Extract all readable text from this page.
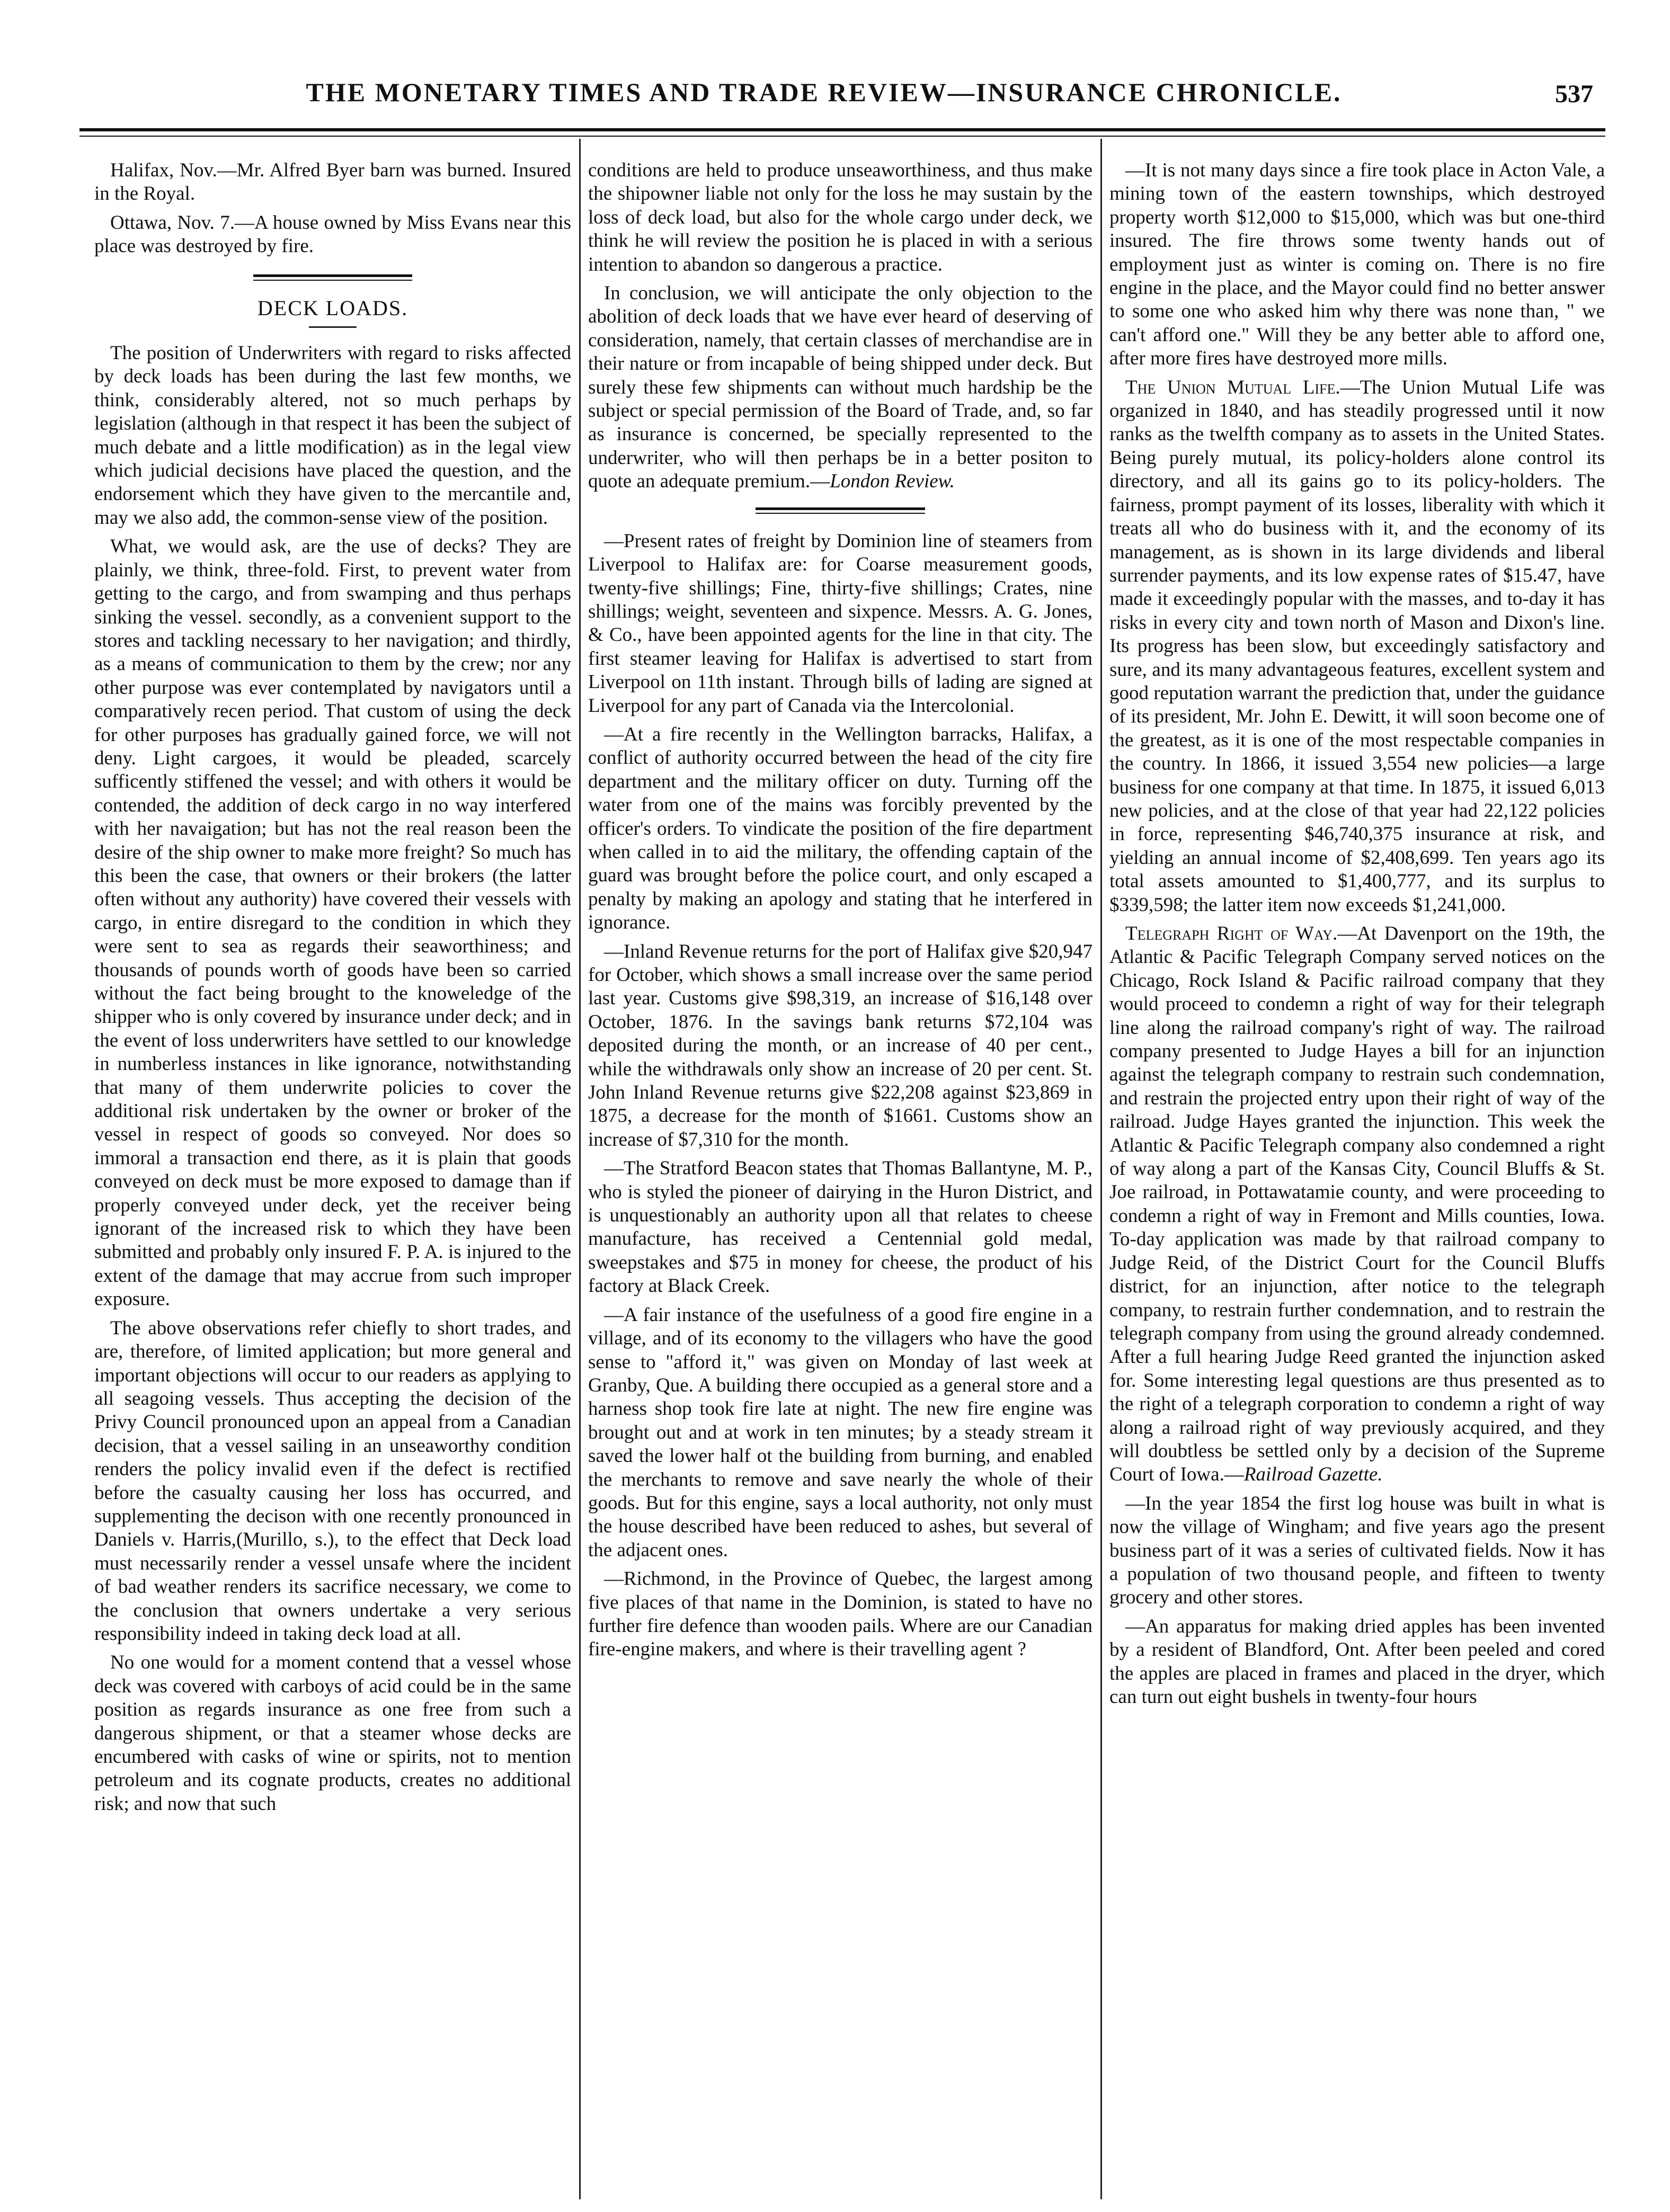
THE MONETARY TIMES AND TRADE REVIEW—INSURANCE CHRONICLE.	537

Halifax, Nov.—Mr. Alfred Byer barn was burned. Insured in the Royal.

Ottawa, Nov. 7.—A house owned by Miss Evans near this place was destroyed by fire.

DECK LOADS.

The position of Underwriters with regard to risks affected by deck loads has been during the last few months, we think, considerably altered, not so much perhaps by legislation (although in that respect it has been the subject of much debate and a little modification) as in the legal view which judicial decisions have placed the question, and the endorsement which they have given to the mercantile and, may we also add, the common-sense view of the position.

What, we would ask, are the use of decks? They are plainly, we think, three-fold. First, to prevent water from getting to the cargo, and from swamping and thus perhaps sinking the vessel. secondly, as a convenient support to the stores and tackling necessary to her navigation; and thirdly, as a means of communication to them by the crew; nor any other purpose was ever contemplated by navigators until a comparatively recen period. That custom of using the deck for other purposes has gradually gained force, we will not deny. Light cargoes, it would be pleaded, scarcely sufficently stiffened the vessel; and with others it would be contended, the addition of deck cargo in no way interfered with her navaigation; but has not the real reason been the desire of the ship owner to make more freight? So much has this been the case, that owners or their brokers (the latter often without any authority) have covered their vessels with cargo, in entire disregard to the condition in which they were sent to sea as regards their seaworthiness; and thousands of pounds worth of goods have been so carried without the fact being brought to the knoweledge of the shipper who is only covered by insurance under deck; and in the event of loss underwriters have settled to our knowledge in numberless instances in like ignorance, notwithstanding that many of them underwrite policies to cover the additional risk undertaken by the owner or broker of the vessel in respect of goods so conveyed. Nor does so immoral a transaction end there, as it is plain that goods conveyed on deck must be more exposed to damage than if properly conveyed under deck, yet the receiver being ignorant of the increased risk to which they have been submitted and probably only insured F. P. A. is injured to the extent of the damage that may accrue from such improper exposure.

The above observations refer chiefly to short trades, and are, therefore, of limited application; but more general and important objections will occur to our readers as applying to all seagoing vessels. Thus accepting the decision of the Privy Council pronounced upon an appeal from a Canadian decision, that a vessel sailing in an unseaworthy condition renders the policy invalid even if the defect is rectified before the casualty causing her loss has occurred, and supplementing the decison with one recently pronounced in Daniels v. Harris,(Murillo, s.), to the effect that Deck load must necessarily render a vessel unsafe where the incident of bad weather renders its sacrifice necessary, we come to the conclusion that owners undertake a very serious responsibility indeed in taking deck load at all.

No one would for a moment contend that a vessel whose deck was covered with carboys of acid could be in the same position as regards insurance as one free from such a dangerous shipment, or that a steamer whose decks are encumbered with casks of wine or spirits, not to mention petroleum and its cognate products, creates no additional risk; and now that such

conditions are held to produce unseaworthiness, and thus make the shipowner liable not only for the loss he may sustain by the loss of deck load, but also for the whole cargo under deck, we think he will review the position he is placed in with a serious intention to abandon so dangerous a practice.

In conclusion, we will anticipate the only objection to the abolition of deck loads that we have ever heard of deserving of consideration, namely, that certain classes of merchandise are in their nature or from incapable of being shipped under deck. But surely these few shipments can without much hardship be the subject or special permission of the Board of Trade, and, so far as insurance is concerned, be specially represented to the underwriter, who will then perhaps be in a better positon to quote an adequate premium.—London Review.

—Present rates of freight by Dominion line of steamers from Liverpool to Halifax are: for Coarse measurement goods, twenty-five shillings; Fine, thirty-five shillings; Crates, nine shillings; weight, seventeen and sixpence. Messrs. A. G. Jones, & Co., have been appointed agents for the line in that city. The first steamer leaving for Halifax is advertised to start from Liverpool on 11th instant. Through bills of lading are signed at Liverpool for any part of Canada via the Intercolonial.

—At a fire recently in the Wellington barracks, Halifax, a conflict of authority occurred between the head of the city fire department and the military officer on duty. Turning off the water from one of the mains was forcibly prevented by the officer's orders. To vindicate the position of the fire department when called in to aid the military, the offending captain of the guard was brought before the police court, and only escaped a penalty by making an apology and stating that he interfered in ignorance.

—Inland Revenue returns for the port of Halifax give $20,947 for October, which shows a small increase over the same period last year. Customs give $98,319, an increase of $16,148 over October, 1876. In the savings bank returns $72,104 was deposited during the month, or an increase of 40 per cent., while the withdrawals only show an increase of 20 per cent. St. John Inland Revenue returns give $22,208 against $23,869 in 1875, a decrease for the month of $1661. Customs show an increase of $7,310 for the month.

—The Stratford Beacon states that Thomas Ballantyne, M. P., who is styled the pioneer of dairying in the Huron District, and is unquestionably an authority upon all that relates to cheese manufacture, has received a Centennial gold medal, sweepstakes and $75 in money for cheese, the product of his factory at Black Creek.

—A fair instance of the usefulness of a good fire engine in a village, and of its economy to the villagers who have the good sense to "afford it," was given on Monday of last week at Granby, Que. A building there occupied as a general store and a harness shop took fire late at night. The new fire engine was brought out and at work in ten minutes; by a steady stream it saved the lower half ot the building from burning, and enabled the merchants to remove and save nearly the whole of their goods. But for this engine, says a local authority, not only must the house described have been reduced to ashes, but several of the adjacent ones.

—Richmond, in the Province of Quebec, the largest among five places of that name in the Dominion, is stated to have no further fire defence than wooden pails. Where are our Canadian fire-engine makers, and where is their travelling agent ?

—It is not many days since a fire took place in Acton Vale, a mining town of the eastern townships, which destroyed property worth $12,000 to $15,000, which was but one-third insured. The fire throws some twenty hands out of employment just as winter is coming on. There is no fire engine in the place, and the Mayor could find no better answer to some one who asked him why there was none than, " we can't afford one." Will they be any better able to afford one, after more fires have destroyed more mills.

The Union Mutual Life.—The Union Mutual Life was organized in 1840, and has steadily progressed until it now ranks as the twelfth company as to assets in the United States. Being purely mutual, its policy-holders alone control its directory, and all its gains go to its policy-holders. The fairness, prompt payment of its losses, liberality with which it treats all who do business with it, and the economy of its management, as is shown in its large dividends and liberal surrender payments, and its low expense rates of $15.47, have made it exceedingly popular with the masses, and to-day it has risks in every city and town north of Mason and Dixon's line. Its progress has been slow, but exceedingly satisfactory and sure, and its many advantageous features, excellent system and good reputation warrant the prediction that, under the guidance of its president, Mr. John E. Dewitt, it will soon become one of the greatest, as it is one of the most respectable companies in the country. In 1866, it issued 3,554 new policies—a large business for one company at that time. In 1875, it issued 6,013 new policies, and at the close of that year had 22,122 policies in force, representing $46,740,375 insurance at risk, and yielding an annual income of $2,408,699. Ten years ago its total assets amounted to $1,400,777, and its surplus to $339,598; the latter item now exceeds $1,241,000.

Telegraph Right of Way.—At Davenport on the 19th, the Atlantic & Pacific Telegraph Company served notices on the Chicago, Rock Island & Pacific railroad company that they would proceed to condemn a right of way for their telegraph line along the railroad company's right of way. The railroad company presented to Judge Hayes a bill for an injunction against the telegraph company to restrain such condemnation, and restrain the projected entry upon their right of way of the railroad. Judge Hayes granted the injunction. This week the Atlantic & Pacific Telegraph company also condemned a right of way along a part of the Kansas City, Council Bluffs & St. Joe railroad, in Pottawatamie county, and were proceeding to condemn a right of way in Fremont and Mills counties, Iowa. To-day application was made by that railroad company to Judge Reid, of the District Court for the Council Bluffs district, for an injunction, after notice to the telegraph company, to restrain further condemnation, and to restrain the telegraph company from using the ground already condemned. After a full hearing Judge Reed granted the injunction asked for. Some interesting legal questions are thus presented as to the right of a telegraph corporation to condemn a right of way along a railroad right of way previously acquired, and they will doubtless be settled only by a decision of the Supreme Court of Iowa.—Railroad Gazette.

—In the year 1854 the first log house was built in what is now the village of Wingham; and five years ago the present business part of it was a series of cultivated fields. Now it has a population of two thousand people, and fifteen to twenty grocery and other stores.

—An apparatus for making dried apples has been invented by a resident of Blandford, Ont. After been peeled and cored the apples are placed in frames and placed in the dryer, which can turn out eight bushels in twenty-four hours
